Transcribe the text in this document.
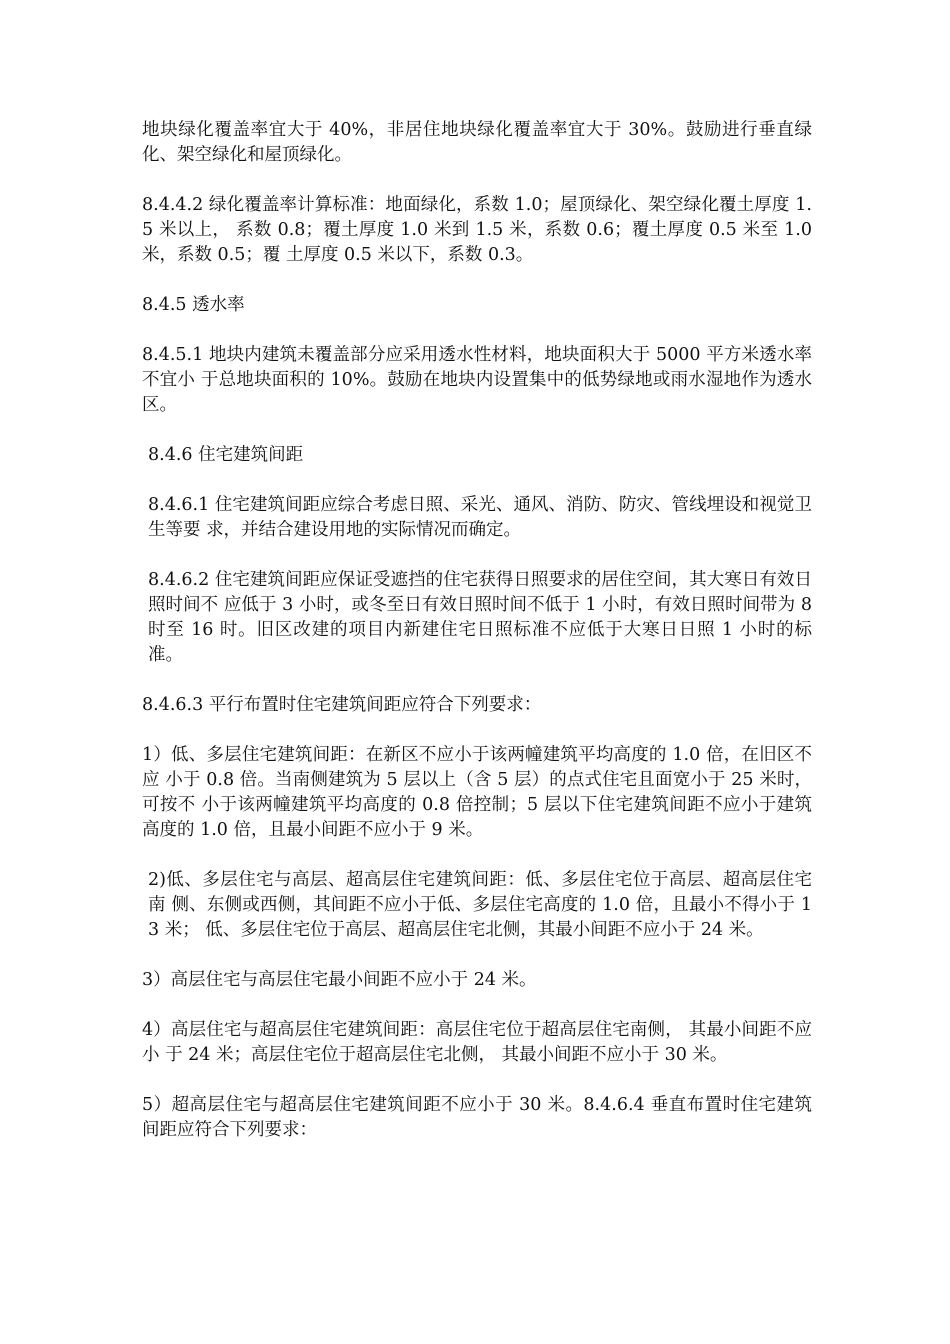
地块绿化覆盖率宜大于 40%，非居住地块绿化覆盖率宜大于 30%。鼓励进行垂直绿化、架空绿化和屋顶绿化。

8.4.4.2 绿化覆盖率计算标准：地面绿化，系数 1.0；屋顶绿化、架空绿化覆土厚度 1.5 米以上， 系数 0.8；覆土厚度 1.0 米到 1.5 米，系数 0.6；覆土厚度 0.5 米至 1.0 米，系数 0.5；覆 土厚度 0.5 米以下，系数 0.3。

8.4.5 透水率

8.4.5.1 地块内建筑未覆盖部分应采用透水性材料，地块面积大于 5000 平方米透水率不宜小 于总地块面积的 10%。鼓励在地块内设置集中的低势绿地或雨水湿地作为透水区。

8.4.6 住宅建筑间距

8.4.6.1 住宅建筑间距应综合考虑日照、采光、通风、消防、防灾、管线埋设和视觉卫生等要 求，并结合建设用地的实际情况而确定。

8.4.6.2 住宅建筑间距应保证受遮挡的住宅获得日照要求的居住空间，其大寒日有效日照时间不 应低于 3 小时，或冬至日有效日照时间不低于 1 小时，有效日照时间带为 8 时至 16 时。旧区改建的项目内新建住宅日照标准不应低于大寒日日照 1 小时的标准。

8.4.6.3 平行布置时住宅建筑间距应符合下列要求：

1）低、多层住宅建筑间距：在新区不应小于该两幢建筑平均高度的 1.0 倍，在旧区不应 小于 0.8 倍。当南侧建筑为 5 层以上（含 5 层）的点式住宅且面宽小于 25 米时，可按不 小于该两幢建筑平均高度的 0.8 倍控制；5 层以下住宅建筑间距不应小于建筑高度的 1.0 倍，且最小间距不应小于 9 米。

2)低、多层住宅与高层、超高层住宅建筑间距：低、多层住宅位于高层、超高层住宅南 侧、东侧或西侧，其间距不应小于低、多层住宅高度的 1.0 倍，且最小不得小于 13 米； 低、多层住宅位于高层、超高层住宅北侧，其最小间距不应小于 24 米。

3）高层住宅与高层住宅最小间距不应小于 24 米。

4）高层住宅与超高层住宅建筑间距：高层住宅位于超高层住宅南侧， 其最小间距不应小 于 24 米；高层住宅位于超高层住宅北侧， 其最小间距不应小于 30 米。

5）超高层住宅与超高层住宅建筑间距不应小于 30 米。8.4.6.4 垂直布置时住宅建筑间距应符合下列要求：
